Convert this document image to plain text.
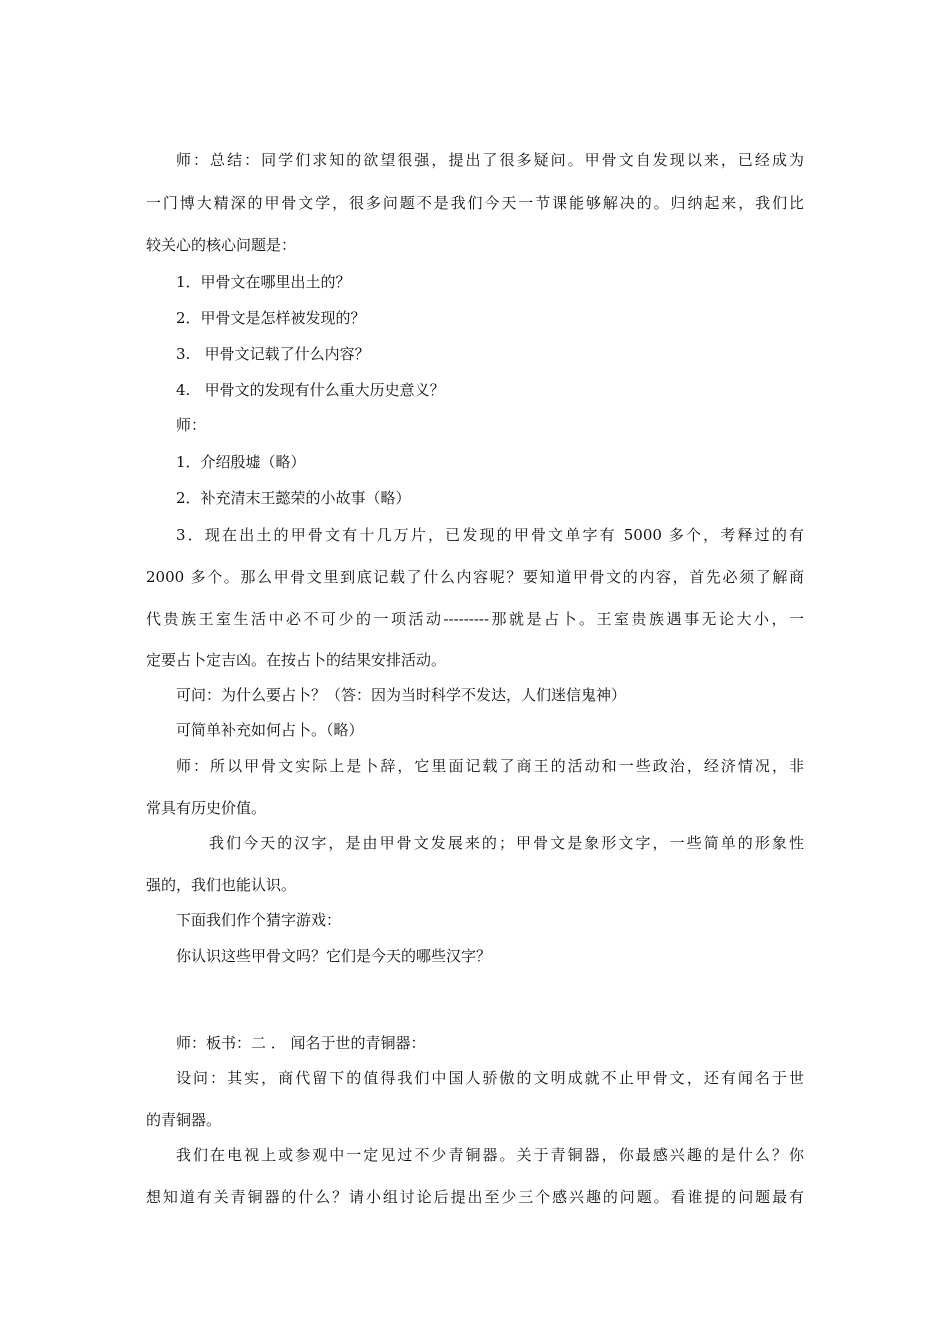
师：总结：同学们求知的欲望很强，提出了很多疑问。甲骨文自发现以来，已经成为
一门博大精深的甲骨文学，很多问题不是我们今天一节课能够解决的。归纳起来，我们比
较关心的核心问题是：
1．甲骨文在哪里出土的？
2．甲骨文是怎样被发现的？
3.   甲骨文记载了什么内容？
4.   甲骨文的发现有什么重大历史意义？
师：
1．介绍殷墟（略）
2．补充清末王懿荣的小故事（略）
3．现在出土的甲骨文有十几万片，已发现的甲骨文单字有 5000 多个，考释过的有
2000 多个。那么甲骨文里到底记载了什么内容呢？要知道甲骨文的内容，首先必须了解商
代贵族王室生活中必不可少的一项活动---------那就是占卜。王室贵族遇事无论大小，一
定要占卜定吉凶。在按占卜的结果安排活动。
可问：为什么要占卜？（答：因为当时科学不发达，人们迷信鬼神）
可简单补充如何占卜。（略）
师：所以甲骨文实际上是卜辞，它里面记载了商王的活动和一些政治，经济情况，非
常具有历史价值。
我们今天的汉字，是由甲骨文发展来的；甲骨文是象形文字，一些简单的形象性
强的，我们也能认识。
下面我们作个猜字游戏：
你认识这些甲骨文吗？它们是今天的哪些汉字？
师：板书：二 ． 闻名于世的青铜器：
设问：其实，商代留下的值得我们中国人骄傲的文明成就不止甲骨文，还有闻名于世
的青铜器。
我们在电视上或参观中一定见过不少青铜器。关于青铜器，你最感兴趣的是什么？你
想知道有关青铜器的什么？请小组讨论后提出至少三个感兴趣的问题。看谁提的问题最有
